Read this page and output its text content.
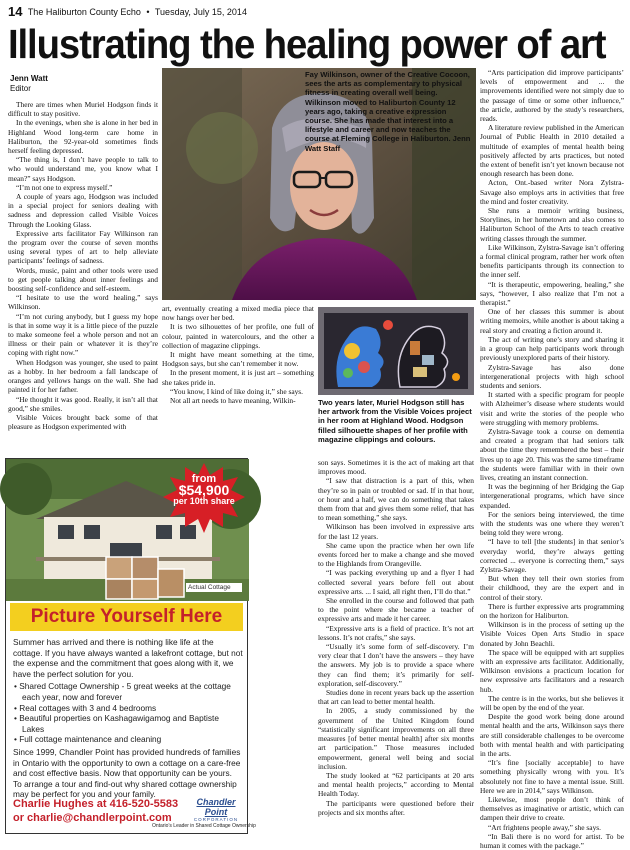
14 The Haliburton County Echo • Tuesday, July 15, 2014
Illustrating the healing power of art
Jenn Watt
Editor

There are times when Muriel Hodgson finds it difficult to stay positive.

In the evenings, when she is alone in her bed in Highland Wood long-term care home in Haliburton, the 92-year-old sometimes finds herself feeling depressed.

“The thing is, I don’t have people to talk to who would understand me, you know what I mean?” says Hodgson.

“I’m not one to express myself.”

A couple of years ago, Hodgson was included in a special project for seniors dealing with sadness and depression called Visible Voices Through the Looking Glass.

Expressive arts facilitator Fay Wilkinson ran the program over the course of seven months using several types of art to help alleviate participants’ feelings of sadness.

Words, music, paint and other tools were used to get people talking about inner feelings and boosting self-confidence and self-esteem.

“I hesitate to use the word healing,” says Wilkinson.

“I’m not curing anybody, but I guess my hope is that in some way it is a little piece of the puzzle to make someone feel a whole person and not an illness or their pain or whatever it is they’re coping with right now.”

When Hodgson was younger, she used to paint as a hobby. In her bedroom a fall landscape of oranges and yellows hangs on the wall. She had painted it for her father.

“He thought it was good. Really, it isn’t all that good,” she smiles.

Visible Voices brought back some of that pleasure as Hodgson experimented with

Fay Wilkinson, owner of the Creative Cocoon, sees the arts as complementary to physical fitness in creating overall well being. Wilkinson moved to Haliburton County 12 years ago, taking a creative expression course. She has made that interest into a lifestyle and career and now teaches the course at Fleming College in Haliburton. Jenn Watt Staff

art, eventually creating a mixed media piece that now hangs over her bed.

It is two silhouettes of her profile, one full of colour, painted in watercolours, and the other a collection of magazine clippings.

It might have meant something at the time, Hodgson says, but she can’t remember it now.

In the present moment, it is just art – something she takes pride in.

“You know, I kind of like doing it,” she says.

Not all art needs to have meaning, Wilkin-	Two years later, Muriel Hodgson still has her artwork from the Visible Voices project in her room at Highland Wood. Hodgson filled silhouette shapes of her profile with magazine clippings and colours.

son says. Sometimes it is the act of making art that improves mood.

“I saw that distraction is a part of this, when they’re so in pain or troubled or sad. If in that hour, or hour and a half, we can do something that takes them from that and gives them some relief, that has to mean something,” she says.

Wilkinson has been involved in expressive arts for the last 12 years.

She came upon the practice when her own life events forced her to make a change and she moved to the Highlands from Orangeville.

“I was packing everything up and a flyer I had collected several years before fell out about expressive arts. ... I said, all right then, I’ll do that.”

She enrolled in the course and followed that path to the point where she became a teacher of expressive arts and made it her career.

“Expressive arts is a field of practice. It’s not art lessons. It’s not crafts,” she says.

“Usually it’s some form of self-discovery. I’m very clear that I don’t have the answers – they have the answers. My job is to provide a space where they can find them; it’s primarily for self-exploration, self-discovery.”

Studies done in recent years back up the assertion that art can lead to better mental health.

In 2005, a study commissioned by the government of the United Kingdom found “statistically significant improvements on all three measures [of better mental health] after six months art participation.” Those measures included empowerment, general well being and social inclusion.

The study looked at “62 participants at 20 arts and mental health projects,” according to Mental Health Today.

The participants were questioned before their projects and six months after.

“Arts participation did improve participants’ levels of empowerment and ... the improvements identified were not simply due to the passage of time or some other influence,” the article, authored by the study’s researchers, reads.

A literature review published in the American Journal of Public Health in 2010 detailed a multitude of examples of mental health being positively affected by arts practices, but noted the extent of benefit isn’t yet known because not enough research has been done.

Acton, Ont.-based writer Nora Zylstra-Savage also employs arts in activities that free the mind and foster creativity.

She runs a memoir writing business, Storylines, in her hometown and also comes to Haliburton School of the Arts to teach creative writing classes through the summer.

Like Wilkinson, Zylstra-Savage isn’t offering a formal clinical program, rather her work often benefits participants through its connection to the inner self.

“It is therapeutic, empowering, healing,” she says, “however, I also realize that I’m not a therapist.”

One of her classes this summer is about writing memoirs, while another is about taking a real story and creating a fiction around it.

The act of writing one’s story and sharing it in a group can help participants work through previously unexplored parts of their history.

Zylstra-Savage has also done intergenerational projects with high school students and seniors.

It started with a specific program for people with Alzheimer’s disease where students would visit and write the stories of the people who were struggling with memory problems.

Zylstra-Savage took a course on dementia and created a program that had seniors talk about the time they remembered the best – their lives up to age 20. This was the same timeframe the students were familiar with in their own lives, creating an instant connection.

It was the beginning of her Bridging the Gap intergenerational programs, which have since expanded.

For the seniors being interviewed, the time with the students was one where they weren’t being told they were wrong.

“I have to tell [the students] in that senior’s everyday world, they’re always getting corrected ... everyone is correcting them,” says Zylstra-Savage.

But when they tell their own stories from their childhood, they are the expert and in control of their story.

There is further expressive arts programming on the horizon for Haliburton.

Wilkinson is in the process of setting up the Visible Voices Open Arts Studio in space donated by John Beachli.

The space will be equipped with art supplies with an expressive arts facilitator. Additionally, Wilkinson envisions a practicum location for new expressive arts facilitators and a research hub.

The centre is in the works, but she believes it will be open by the end of the year.

Despite the good work being done around mental health and the arts, Wilkinson says there are still considerable challenges to be overcome both with mental health and with participating in the arts.

“It’s fine [socially acceptable] to have something physically wrong with you. It’s absolutely not fine to have a mental issue. Still. Here we are in 2014,” says Wilkinson.

Likewise, most people don’t think of themselves as imaginative or artistic, which can dampen their drive to create.

“Art frightens people away,” she says.

“In Bali there is no word for artist. To be human it comes with the package.”

from
$54,900
per 10th share
Actual Cottage
Picture Yourself Here
Summer has arrived and there is nothing like life at the cottage. If you have always wanted a lakefront cottage, but not the expense and the commitment that goes along with it, we have the perfect solution for you.
• Shared Cottage Ownership - 5 great weeks at the cottage each year, now and forever
• Real cottages with 3 and 4 bedrooms
• Beautiful properties on Kashagawigamog and Baptiste Lakes
• Full cottage maintenance and cleaning
Since 1999, Chandler Point has provided hundreds of families in Ontario with the opportunity to own a cottage on a care-free and cost effective basis. Now that opportunity can be yours.
To arrange a tour and find-out why shared cottage ownership may be perfect for you and your family.
Charlie Hughes at 416-520-5583
or charlie@chandlerpoint.com
Chandler Point
CORPORATION
Ontario’s Leader in Shared Cottage Ownership
